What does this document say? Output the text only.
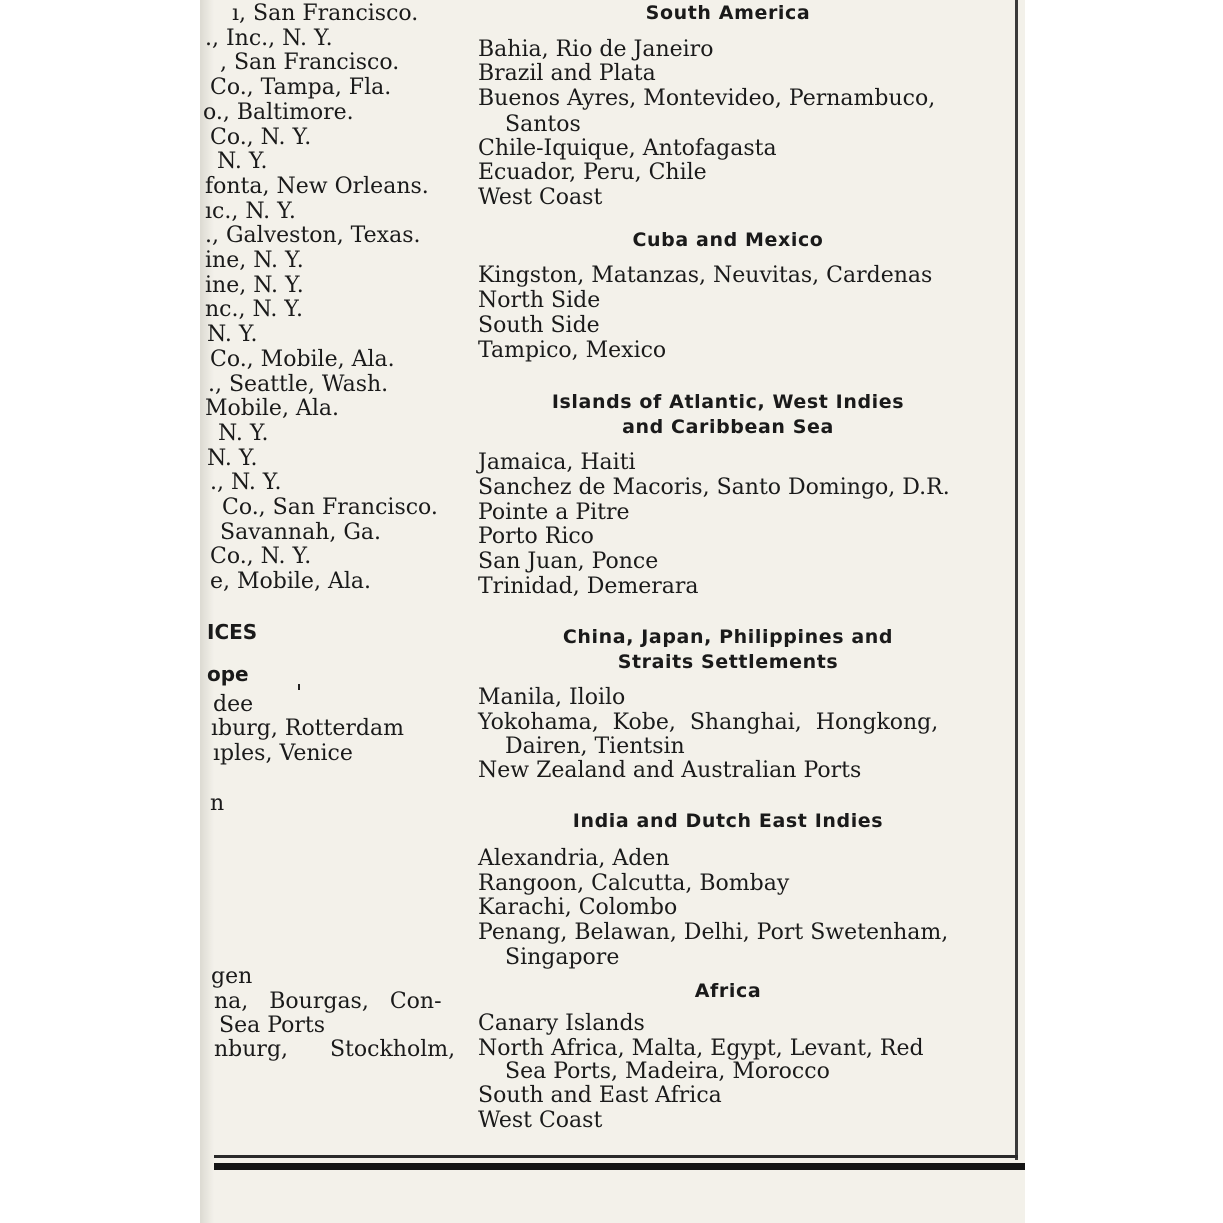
ı, San Francisco.
., Inc., N. Y.
, San Francisco.
Co., Tampa, Fla.
o., Baltimore.
Co., N. Y.
N. Y.
fonta, New Orleans.
ıc., N. Y.
., Galveston, Texas.
ine, N. Y.
ine, N. Y.
nc., N. Y.
N. Y.
Co., Mobile, Ala.
., Seattle, Wash.
Mobile, Ala.
N. Y.
N. Y.
., N. Y.
Co., San Francisco.
Savannah, Ga.
Co., N. Y.
e, Mobile, Ala.
ICES
ope
dee
ıburg, Rotterdam
ıples, Venice
n
gen
na,   Bourgas,   Con-
Sea Ports
nburg,      Stockholm,
South America
Bahia, Rio de Janeiro
Brazil and Plata
Buenos Ayres, Montevideo, Pernambuco,
Santos
Chile-Iquique, Antofagasta
Ecuador, Peru, Chile
West Coast
Cuba and Mexico
Kingston, Matanzas, Neuvitas, Cardenas
North Side
South Side
Tampico, Mexico
Islands of Atlantic, West Indies
and Caribbean Sea
Jamaica, Haiti
Sanchez de Macoris, Santo Domingo, D.R.
Pointe a Pitre
Porto Rico
San Juan, Ponce
Trinidad, Demerara
China, Japan, Philippines and
Straits Settlements
Manila, Iloilo
Yokohama,  Kobe,  Shanghai,  Hongkong,
Dairen, Tientsin
New Zealand and Australian Ports
India and Dutch East Indies
Alexandria, Aden
Rangoon, Calcutta, Bombay
Karachi, Colombo
Penang, Belawan, Delhi, Port Swetenham,
Singapore
Africa
Canary Islands
North Africa, Malta, Egypt, Levant, Red
Sea Ports, Madeira, Morocco
South and East Africa
West Coast
